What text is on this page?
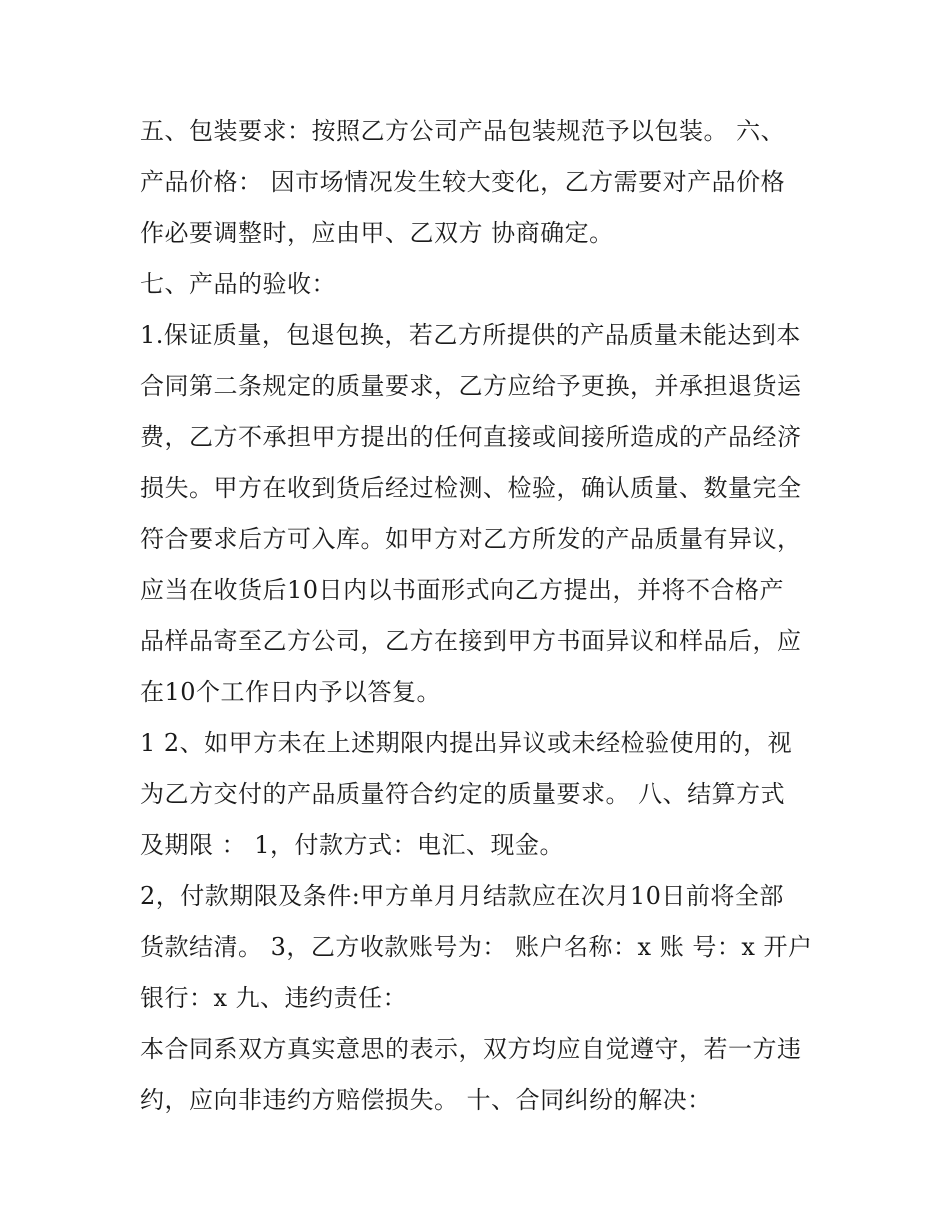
五、包装要求：按照乙方公司产品包装规范予以包装。 六、
产品价格： 因市场情况发生较大变化，乙方需要对产品价格
作必要调整时，应由甲、乙双方 协商确定。
七、产品的验收：
1.保证质量，包退包换，若乙方所提供的产品质量未能达到本
合同第二条规定的质量要求，乙方应给予更换，并承担退货运
费，乙方不承担甲方提出的任何直接或间接所造成的产品经济
损失。甲方在收到货后经过检测、检验，确认质量、数量完全
符合要求后方可入库。如甲方对乙方所发的产品质量有异议，
应当在收货后10日内以书面形式向乙方提出，并将不合格产
品样品寄至乙方公司，乙方在接到甲方书面异议和样品后，应
在10个工作日内予以答复。
1 2、如甲方未在上述期限内提出异议或未经检验使用的，视
为乙方交付的产品质量符合约定的质量要求。 八、结算方式
及期限 ： 1，付款方式：电汇、现金。
2，付款期限及条件:甲方单月月结款应在次月10日前将全部
货款结清。 3，乙方收款账号为： 账户名称：x 账 号：x 开户
银行：x 九、违约责任：
本合同系双方真实意思的表示，双方均应自觉遵守，若一方违
约，应向非违约方赔偿损失。 十、合同纠纷的解决：
